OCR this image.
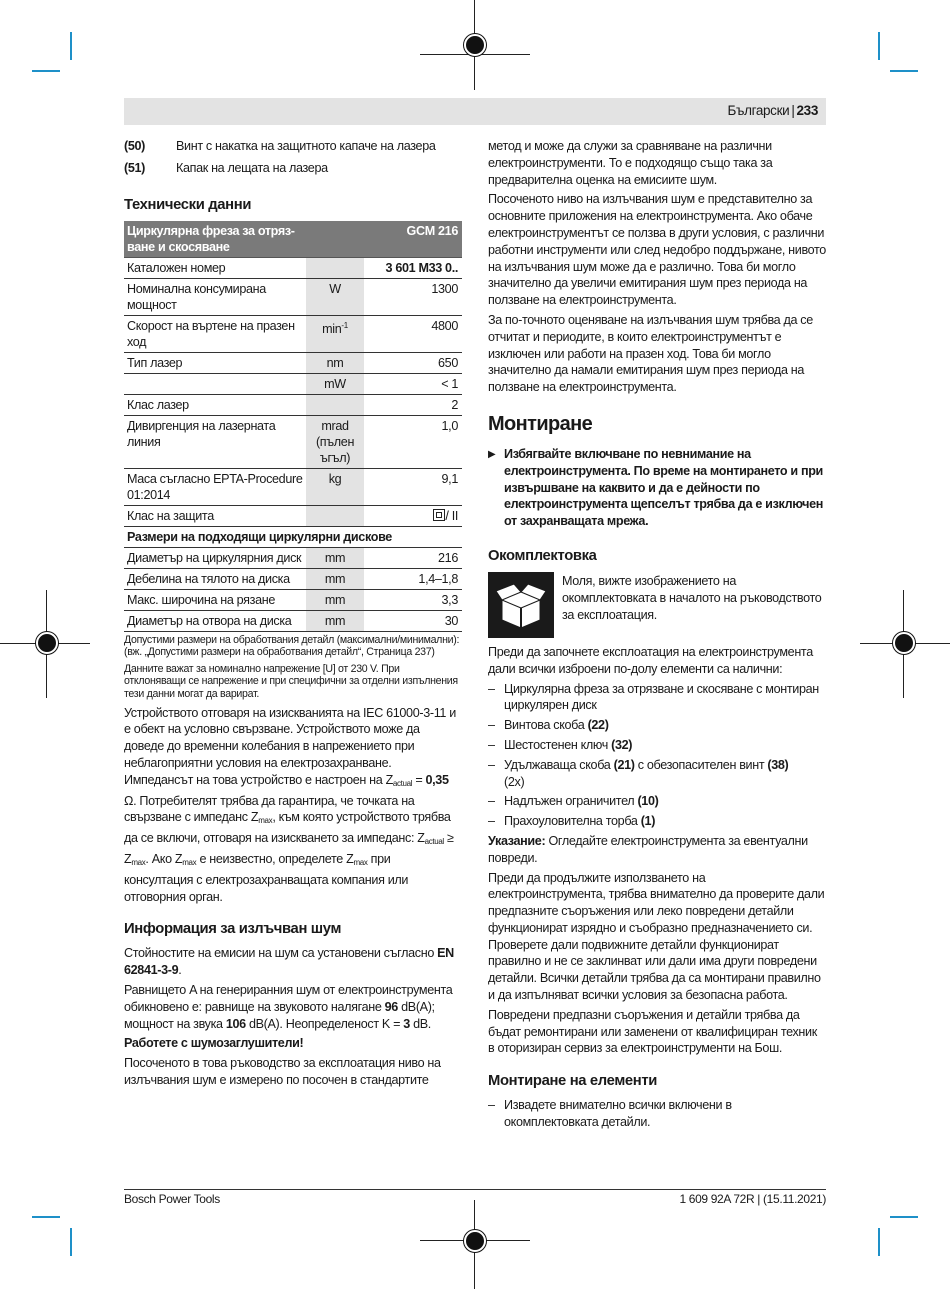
Български | 233
(50)	Винт с накатка на защитното капаче на лазера
(51)	Капак на лещата на лазера
Технически данни
Циркулярна фреза за отряз-
ване и скосяване		GCM 216
Каталожен номер		3 601 M33 0..
Номинална консумирана мощност	W	1300
Скорост на въртене на празен ход	$\min^{-1}$	4800
Тип лазер	nm	650
	mW	< 1
Клас лазер		2
Дивиргенция на лазерната линия	mrad (пълен ъгъл)	1,0
Маса съгласно EPTA-Procedure 01:2014	kg	9,1
Клас на защита		/ II
Размери на подходящи циркулярни дискове		
Диаметър на циркулярния диск	mm	216
Дебелина на тялото на диска	mm	1,4–1,8
Макс. широчина на рязане	mm	3,3
Диаметър на отвора на диска	mm	30
Допустими размери на обработвания детайл (максимални/минимални): (вж. „Допустими размери на обработвания детайл“, Страница 237)
Данните важат за номинално напрежение [U] от 230 V. При отклоняващи се напрежение и при специфични за отделни изпълнения тези данни могат да варират.
Устройството отговаря на изискванията на IEC 61000-3-11 и е обект на условно свързване. Устройството може да доведе до временни колебания в напрежението при неблагоприятни условия на електрозахранване. Импедансът на това устройство е настроен на $Z_{actual} = 0,35$ Ω. Потребителят трябва да гарантира, че точката на свързване с импеданс $Z_{max}$, към която устройството трябва да се включи, отговаря на изискването за импеданс: $Z_{actual} \ge Z_{max}$. Ако $Z_{max}$ е неизвестно, определете $Z_{max}$ при консултация с електрозахранващата компания или отговорния орган.
Информация за излъчван шум
Стойностите на емисии на шум са установени съгласно EN 62841-3-9.
Равнището A на генериранния шум от електроинструмента обикновено е: равнище на звуковото налягане 96 dB(A); мощност на звука 106 dB(A). Неопределеност K = 3 dB.
Работете с шумозаглушители!
Посоченото в това ръководство за експлоатация ниво на излъчвания шум е измерено по посочен в стандартите
метод и може да служи за сравняване на различни електроинструменти. То е подходящо също така за предварителна оценка на емисиите шум.
Посоченото ниво на излъчвания шум е представително за основните приложения на електроинструмента. Ако обаче електроинструментът се ползва в други условия, с различни работни инструменти или след недобро поддържане, нивото на излъчвания шум може да е различно. Това би могло значително да увеличи емитирания шум през периода на ползване на електроинструмента.
За по-точното оценяване на излъчвания шум трябва да се отчитат и периодите, в които електроинструментът е изключен или работи на празен ход. Това би могло значително да намали емитирания шум през периода на ползване на електроинструмента.
Монтиране
▶ Избягвайте включване по невнимание на електроинструмента. По време на монтирането и при извършване на каквито и да е дейности по електроинструмента щепселът трябва да е изключен от захранващата мрежа.
Окомплектовка
Моля, вижте изображението на окомплектовката в началото на ръководството за експлоатация.
Преди да започнете експлоатация на електроинструмента дали всички изброени по-долу елементи са налични:
– Циркулярна фреза за отрязване и скосяване с монтиран циркулярен диск
– Винтова скоба (22)
– Шестостенен ключ (32)
– Удължаваща скоба (21) с обезопасителен винт (38)
(2x)
– Надлъжен ограничител (10)
– Прахоуловителна торба (1)
Указание: Огледайте електроинструмента за евентуални повреди.
Преди да продължите използването на електроинструмента, трябва внимателно да проверите дали предпазните съоръжения или леко повредени детайли функционират изрядно и съобразно предназначението си. Проверете дали подвижните детайли функционират правилно и не се заклинват или дали има други повредени детайли. Всички детайли трябва да са монтирани правилно и да изпълняват всички условия за безопасна работа.
Повредени предпазни съоръжения и детайли трябва да бъдат ремонтирани или заменени от квалифициран техник в оторизиран сервиз за електроинструменти на Бош.
Монтиране на елементи
– Извадете внимателно всички включени в окомплектовката детайли.
Bosch Power Tools	1 609 92A 72R | (15.11.2021)
